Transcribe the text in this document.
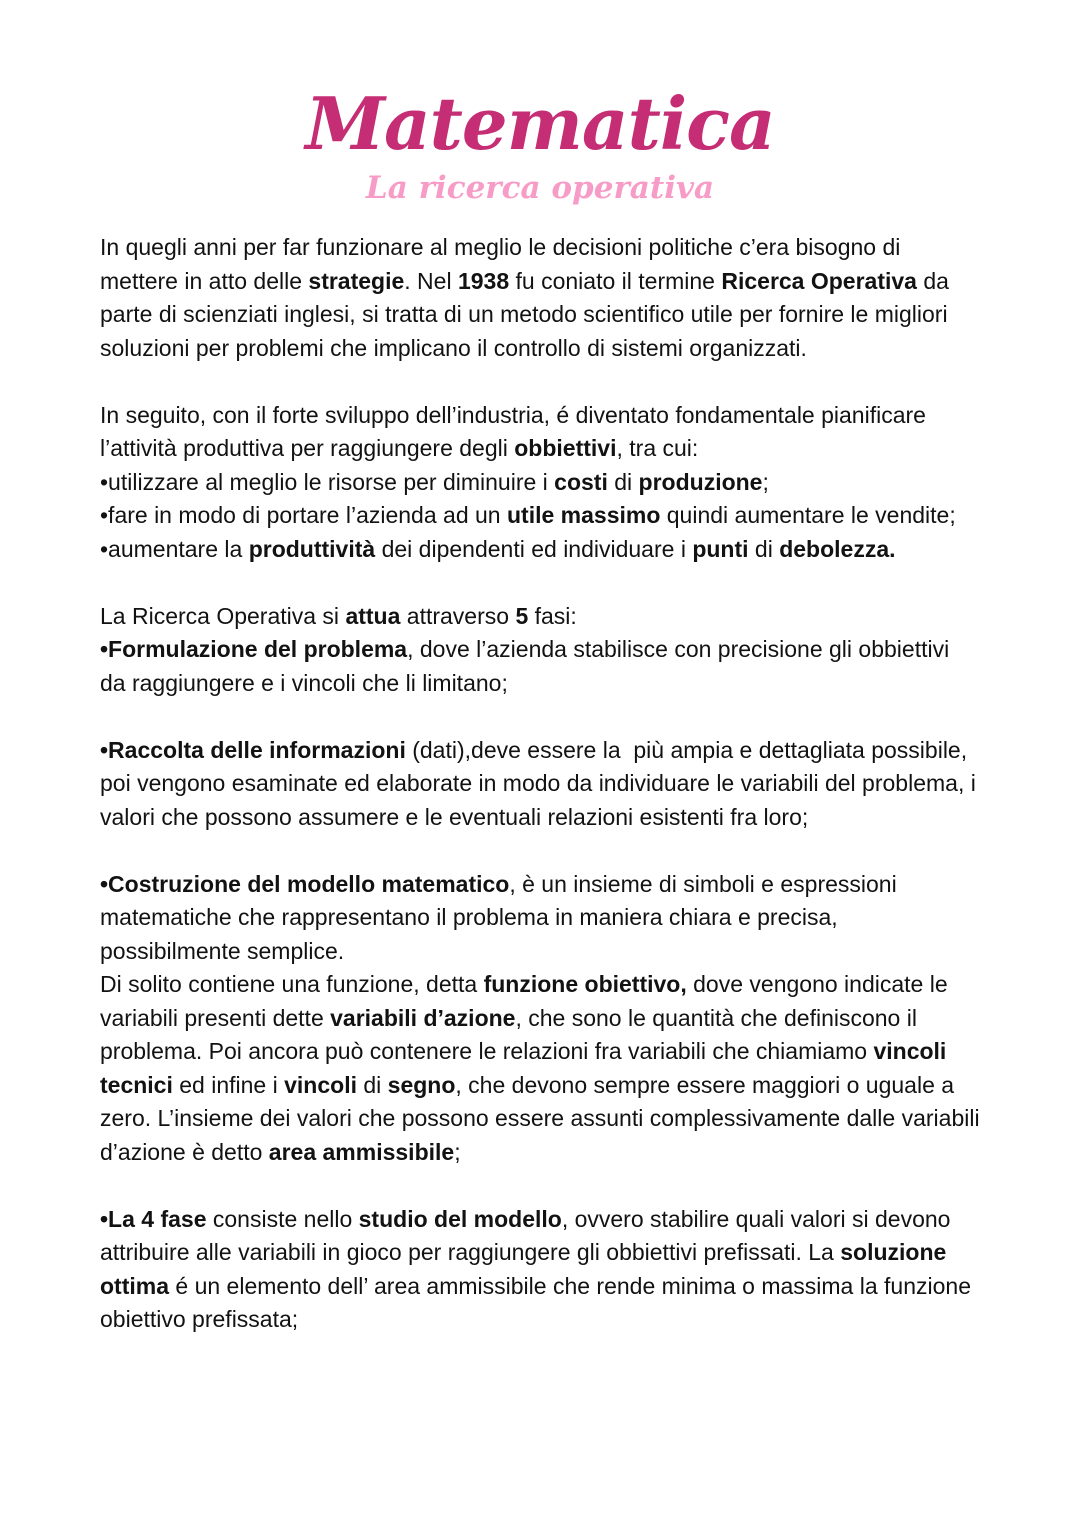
Matematica
La ricerca operativa

In quegli anni per far funzionare al meglio le decisioni politiche c’era bisogno di mettere in atto delle strategie. Nel 1938 fu coniato il termine Ricerca Operativa da parte di scienziati inglesi, si tratta di un metodo scientifico utile per fornire le migliori soluzioni per problemi che implicano il controllo di sistemi organizzati.

In seguito, con il forte sviluppo dell’industria, é diventato fondamentale pianificare l’attività produttiva per raggiungere degli obbiettivi, tra cui:

•utilizzare al meglio le risorse per diminuire i costi di produzione;

•fare in modo di portare l’azienda ad un utile massimo quindi aumentare le vendite;

•aumentare la produttività dei dipendenti ed individuare i punti di debolezza.

La Ricerca Operativa si attua attraverso 5 fasi:

•Formulazione del problema, dove l’azienda stabilisce con precisione gli obbiettivi da raggiungere e i vincoli che li limitano;

•Raccolta delle informazioni (dati),deve essere la  più ampia e dettagliata possibile, poi vengono esaminate ed elaborate in modo da individuare le variabili del problema, i valori che possono assumere e le eventuali relazioni esistenti fra loro;

•Costruzione del modello matematico, è un insieme di simboli e espressioni matematiche che rappresentano il problema in maniera chiara e precisa, possibilmente semplice.

Di solito contiene una funzione, detta funzione obiettivo, dove vengono indicate le variabili presenti dette variabili d’azione, che sono le quantità che definiscono il problema. Poi ancora può contenere le relazioni fra variabili che chiamiamo vincoli tecnici ed infine i vincoli di segno, che devono sempre essere maggiori o uguale a zero. L’insieme dei valori che possono essere assunti complessivamente dalle variabili d’azione è detto area ammissibile;

•La 4 fase consiste nello studio del modello, ovvero stabilire quali valori si devono attribuire alle variabili in gioco per raggiungere gli obbiettivi prefissati. La soluzione ottima é un elemento dell’ area ammissibile che rende minima o massima la funzione obiettivo prefissata;
